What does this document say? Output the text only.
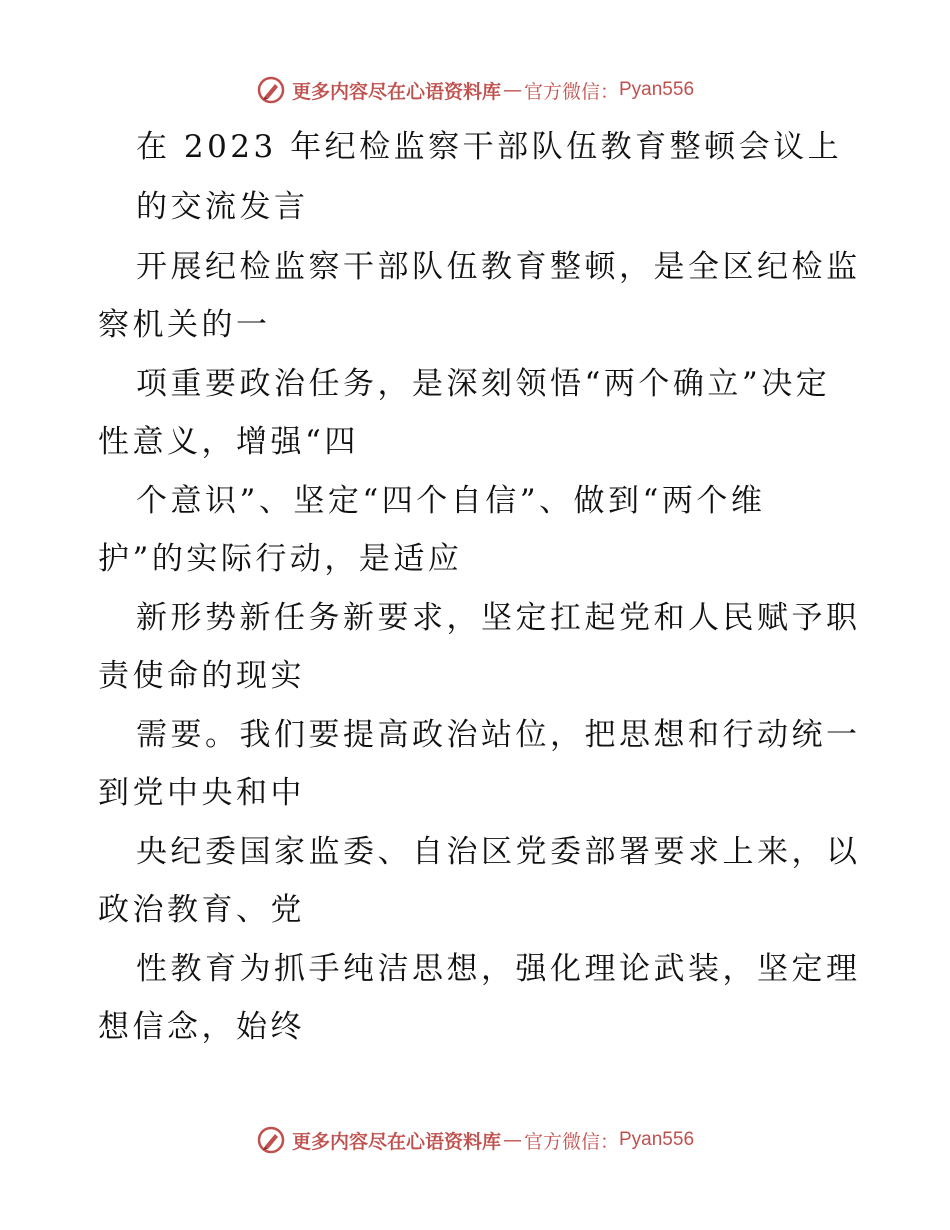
更多内容尽在心语资料库 — 官方微信： Pyan556
在 2023 年纪检监察干部队伍教育整顿会议上
的交流发言
开展纪检监察干部队伍教育整顿，是全区纪检监
察机关的一
项重要政治任务，是深刻领悟“两个确立”决定
性意义，增强“四
个意识”、坚定“四个自信”、做到“两个维
护”的实际行动，是适应
新形势新任务新要求，坚定扛起党和人民赋予职
责使命的现实
需要。我们要提高政治站位，把思想和行动统一
到党中央和中
央纪委国家监委、自治区党委部署要求上来，以
政治教育、党
性教育为抓手纯洁思想，强化理论武装，坚定理
想信念，始终
更多内容尽在心语资料库 — 官方微信： Pyan556
